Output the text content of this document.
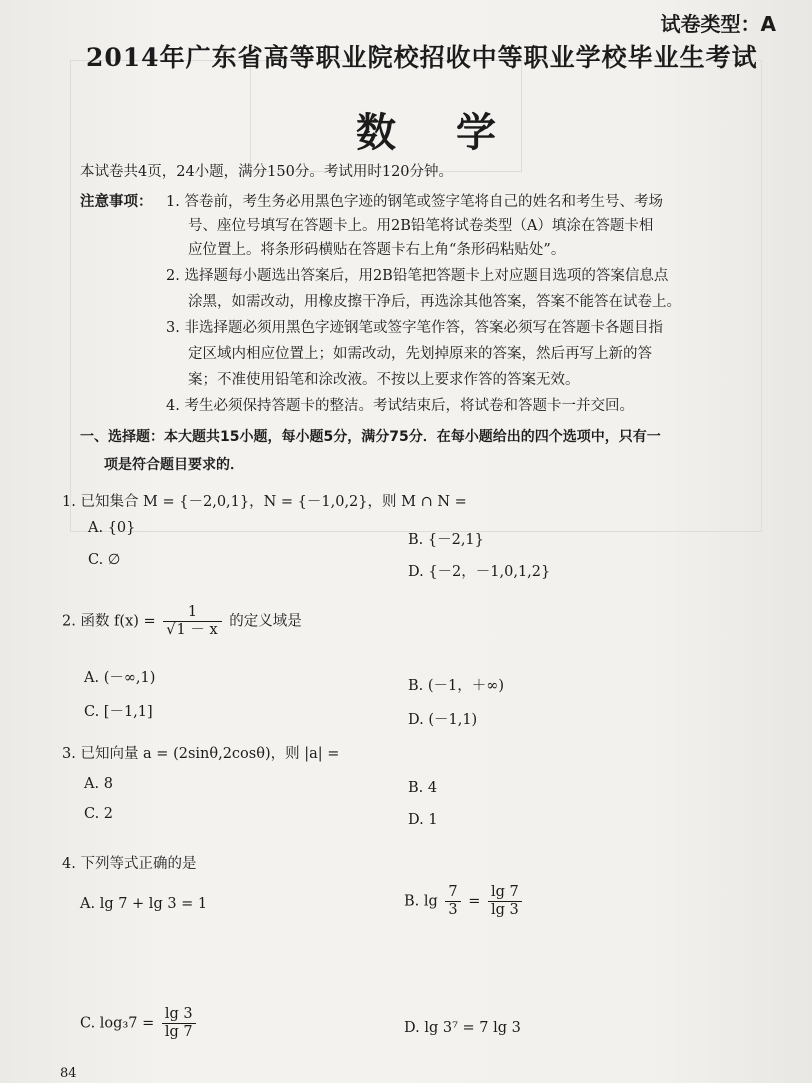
试卷类型：A
2014年广东省高等职业院校招收中等职业学校毕业生考试
数学
本试卷共4页，24小题，满分150分。考试用时120分钟。
注意事项： 1. 答卷前，考生务必用黑色字迹的钢笔或签字笔将自己的姓名和考生号、考场
号、座位号填写在答题卡上。用2B铅笔将试卷类型（A）填涂在答题卡相
应位置上。将条形码横贴在答题卡右上角“条形码粘贴处”。
2. 选择题每小题选出答案后，用2B铅笔把答题卡上对应题目选项的答案信息点
涂黑，如需改动，用橡皮擦干净后，再选涂其他答案，答案不能答在试卷上。
3. 非选择题必须用黑色字迹钢笔或签字笔作答，答案必须写在答题卡各题目指
定区域内相应位置上；如需改动，先划掉原来的答案，然后再写上新的答
案；不准使用铅笔和涂改液。不按以上要求作答的答案无效。
4. 考生必须保持答题卡的整洁。考试结束后，将试卷和答题卡一并交回。
一、选择题：本大题共15小题，每小题5分，满分75分．在每小题给出的四个选项中，只有一
项是符合题目要求的．
1. 已知集合 M = {－2,0,1}，N = {－1,0,2}，则 M ∩ N =
A. {0}
B. {－2,1}
C. ∅
D. {－2，－1,0,1,2}
2. 函数 $f(x) = \frac{1}{√1 - x}$ 的定义域是
A. (－∞,1)	B. (－1，＋∞)
C. [－1,1]	D. (－1,1)
3. 已知向量 a = (2sinθ,2cosθ)，则 |a| =
A. 8	B. 4
C. 2	D. 1
4. 下列等式正确的是
A. lg 7 + lg 3 = 1	B. $\lg \frac{7}{3} = \frac{\lg 7}{\lg 3}$
C. $\log_37 = \frac{\lg 3}{\lg 7}$	D. lg 3⁷ = 7 lg 3
84
